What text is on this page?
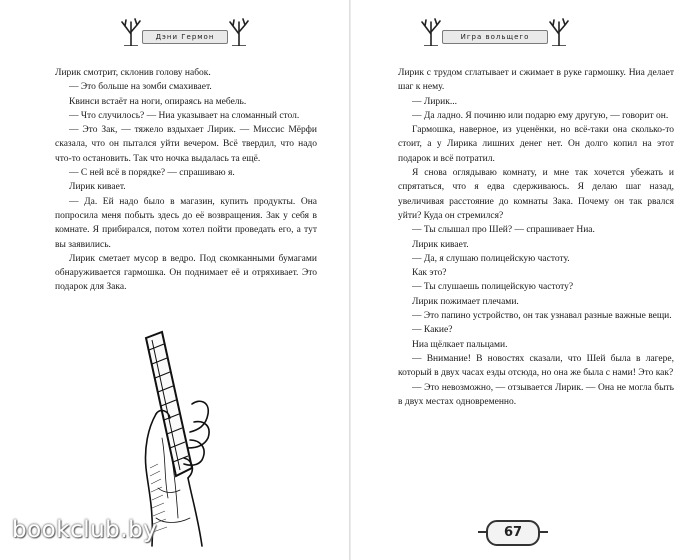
Дэни Гермон

Лирик смотрит, склонив голову набок.

— Это больше на зомби смахивает.

Квинси встаёт на ноги, опираясь на мебель.

— Что случилось? — Ниа указывает на сломанный стол.

— Это Зак, — тяжело вздыхает Лирик. — Миссис Мёрфи сказала, что он пытался уйти вечером. Всё твердил, что надо что-то остановить. Так что ночка выдалась та ещё.

— С ней всё в порядке? — спрашиваю я.

Лирик кивает.

— Да. Ей надо было в магазин, купить продукты. Она попросила меня побыть здесь до её возвращения. Зак у себя в комнате. Я прибирался, потом хотел пойти проведать его, а тут вы заявились.

Лирик сметает мусор в ведро. Под скомканными бумагами обнаруживается гармошка. Он поднимает её и отряхивает. Это подарок для Зака.

Игра вольщего

Лирик с трудом сглатывает и сжимает в руке гармошку. Ниа делает шаг к нему.

— Лирик...

— Да ладно. Я починю или подарю ему другую, — говорит он.

Гармошка, наверное, из уценёнки, но всё-таки она сколько-то стоит, а у Лирика лишних денег нет. Он долго копил на этот подарок и всё потратил.

Я снова оглядываю комнату, и мне так хочется убежать и спрятаться, что я едва сдерживаюсь. Я делаю шаг назад, увеличивая расстояние до комнаты Зака. Почему он так рвался уйти? Куда он стремился?

— Ты слышал про Шей? — спрашивает Ниа.

Лирик кивает.

— Да, я слушаю полицейскую частоту.

Как это?

— Ты слушаешь полицейскую частоту?

Лирик пожимает плечами.

— Это папино устройство, он так узнавал разные важные вещи.

— Какие?

Ниа щёлкает пальцами.

— Внимание! В новостях сказали, что Шей была в лагере, который в двух часах езды отсюда, но она же была с нами! Это как?

— Это невозможно, — отзывается Лирик. — Она не могла быть в двух местах одновременно.

67
bookclub.by
